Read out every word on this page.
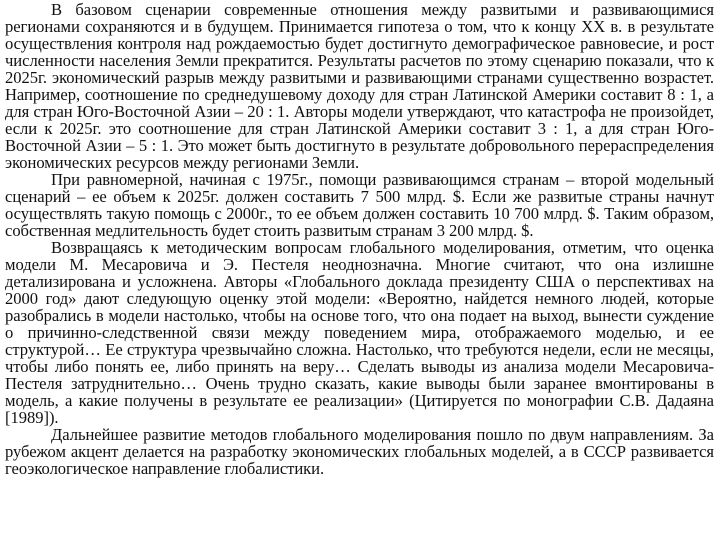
В базовом сценарии современные отношения между развитыми и развивающимися регионами сохраняются и в будущем. Принимается гипотеза о том, что к концу XX в. в результате осуществления контроля над рождаемостью будет достигнуто демографическое равновесие, и рост численности населения Земли прекратится. Результаты расчетов по этому сценарию показали, что к 2025г. экономический разрыв между развитыми и развивающими странами существенно возрастет. Например, соотношение по среднедушевому доходу для стран Латинской Америки составит 8 : 1, а для стран Юго-Восточной Азии – 20 : 1. Авторы модели утверждают, что катастрофа не произойдет, если к 2025г. это соотношение для стран Латинской Америки составит 3 : 1, а для стран Юго-Восточной Азии – 5 : 1. Это может быть достигнуто в результате добровольного перераспределения экономических ресурсов между регионами Земли.

При равномерной, начиная с 1975г., помощи развивающимся странам – второй модельный сценарий – ее объем к 2025г. должен составить 7 500 млрд. $. Если же развитые страны начнут осуществлять такую помощь с 2000г., то ее объем должен составить 10 700 млрд. $. Таким образом, собственная медлительность будет стоить развитым странам 3 200 млрд. $.

Возвращаясь к методическим вопросам глобального моделирования, отметим, что оценка модели М. Месаровича и Э. Пестеля неоднозначна. Многие считают, что она излишне детализирована и усложнена. Авторы «Глобального доклада президенту США о перспективах на 2000 год» дают следующую оценку этой модели: «Вероятно, найдется немного людей, которые разобрались в модели настолько, чтобы на основе того, что она подает на выход, вынести суждение о причинно-следственной связи между поведением мира, отображаемого моделью, и ее структурой… Ее структура чрезвычайно сложна. Настолько, что требуются недели, если не месяцы, чтобы либо понять ее, либо принять на веру… Сделать выводы из анализа модели Месаровича-Пестеля затруднительно… Очень трудно сказать, какие выводы были заранее вмонтированы в модель, а какие получены в результате ее реализации» (Цитируется по монографии С.В. Дадаяна [1989]).

Дальнейшее развитие методов глобального моделирования пошло по двум направлениям. За рубежом акцент делается на разработку экономических глобальных моделей, а в СССР развивается геоэкологическое направление глобалистики.
